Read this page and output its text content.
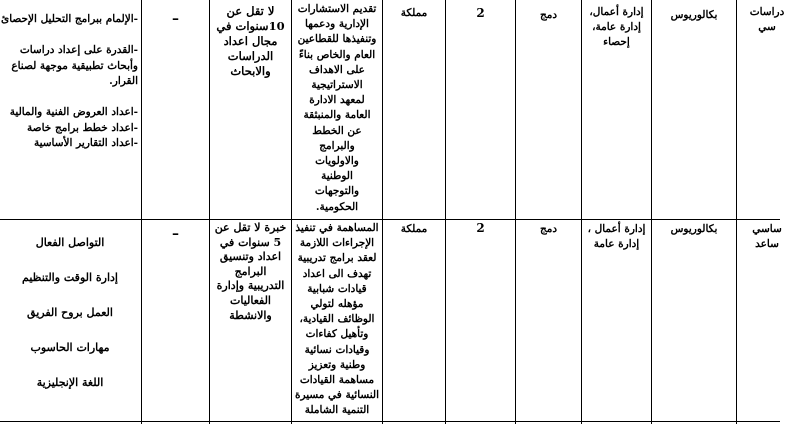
دراسات
سي
بكالوريوس
إدارة أعمال،
إدارة عامة،
إحصاء
دمج
2
مملكة
تقديم الاستشارات
الإدارية ودعمها
وتنفيذها للقطاعين
العام والخاص بناءً
على الاهداف
الاستراتيجية
لمعهد الادارة
العامة والمنبثقة
عن الخطط
والبرامج
والاولويات
الوطنية
والتوجهات
الحكومية.
لا تقل عن
10سنوات في
مجال اعداد
الدراسات
والابحاث
–
-الإلمام ببرامج التحليل الإحصائ

-القدرة على إعداد دراسات
وأبحاث تطبيقية موجهة لصناع
القرار.

-اعداد العروض الفنية والمالية
-اعداد خطط برامج خاصة
-اعداد التقارير الأساسية
ساسي
ساعد
بكالوريوس
إدارة أعمال ،
إدارة عامة
دمج
2
مملكة
المساهمة في تنفيذ
الإجراءات اللازمة
لعقد برامج تدريبية
تهدف الى اعداد
قيادات شبابية
مؤهله لتولي
الوظائف القيادية،
وتأهيل كفاءات
وقيادات نسائية
وطنية وتعزيز
مساهمة القيادات
النسائية في مسيرة
التنمية الشاملة
خبرة لا تقل عن
5 سنوات في
اعداد وتنسيق
البرامج
التدريبية وإدارة
الفعاليات
والانشطة
–
التواصل الفعال

إدارة الوقت والتنظيم

العمل بروح الفريق

مهارات الحاسوب

اللغة الإنجليزية
